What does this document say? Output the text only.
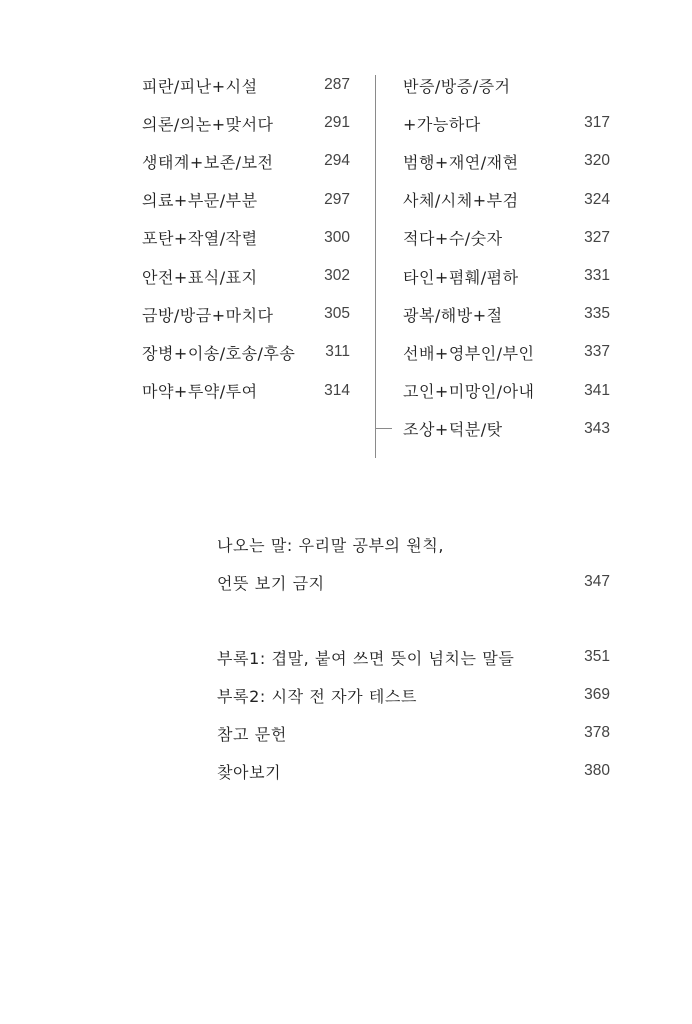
피란/피난+시설	287
의론/의논+맞서다	291
생태계+보존/보전	294
의료+부문/부분	297
포탄+작열/작렬	300
안전+표식/표지	302
금방/방금+마치다	305
장병+이송/호송/후송 311
마약+투약/투여	314
반증/방증/증거
+가능하다	317
범행+재연/재현	320
사체/시체+부검	324
적다+수/숫자	327
타인+폄훼/폄하	331
광복/해방+절	335
선배+영부인/부인	337
고인+미망인/아내	341
조상+덕분/탓	343
나오는 말: 우리말 공부의 원칙,
언뜻 보기 금지	347
부록1: 겹말, 붙여 쓰면 뜻이 넘치는 말들	351
부록2: 시작 전 자가 테스트	369
참고 문헌	378
찾아보기	380
